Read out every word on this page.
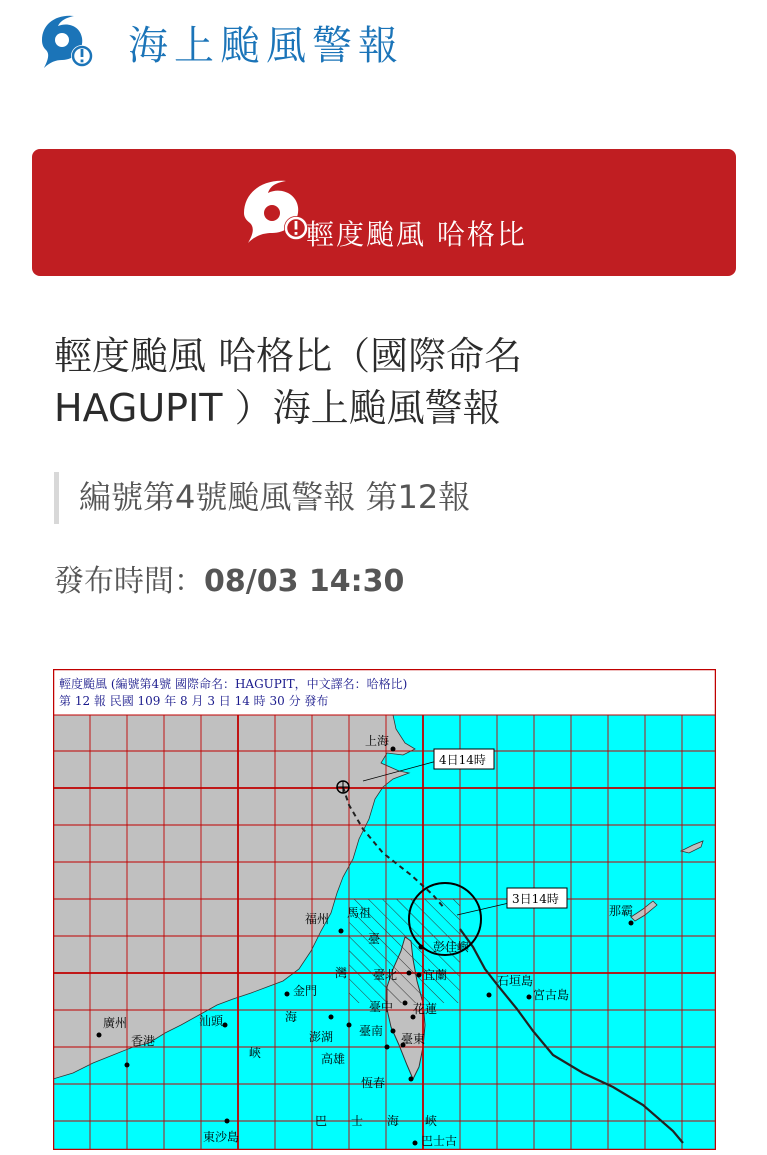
海上颱風警報
輕度颱風 哈格比
輕度颱風 哈格比（國際命名
HAGUPIT ）海上颱風警報
編號第4號颱風警報 第12報
發布時間：08/03 14:30
4日14時
3日14時
上海
福州 馬祖
臺
灣
海
峽
彭佳嶼
臺北 宜蘭
金門
臺中 花蓮
澎湖 臺南
臺東
高雄
恆春
廣州
香港
汕頭
東沙島
石垣島
宮古島
那霸
巴 士 海 峽
巴士古
輕度颱風 (編號第4號 國際命名：HAGUPIT，中文譯名：哈格比)
第 12 報 民國 109 年 8 月 3 日 14 時 30 分 發布
